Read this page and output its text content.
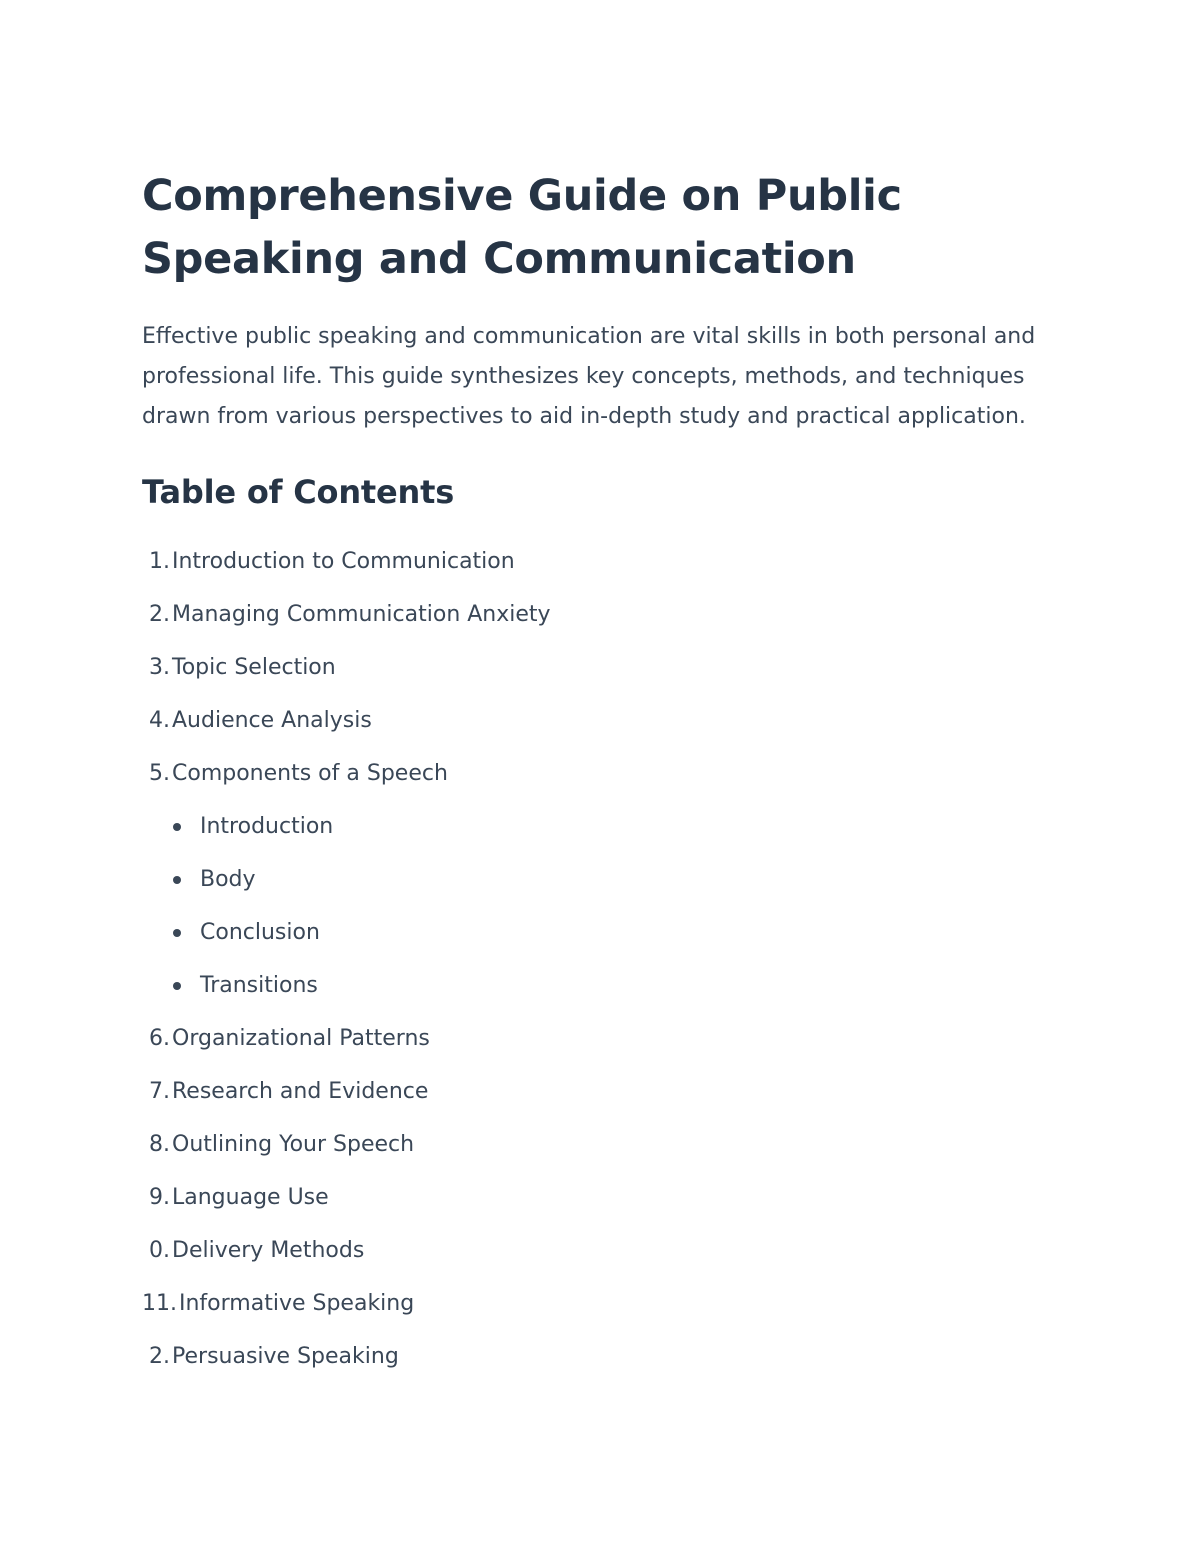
Comprehensive Guide on Public Speaking and Communication

Effective public speaking and communication are vital skills in both personal and professional life. This guide synthesizes key concepts, methods, and techniques drawn from various perspectives to aid in-depth study and practical application.

Table of Contents
1.Introduction to Communication
2.Managing Communication Anxiety
3.Topic Selection
4.Audience Analysis
5.Components of a Speech
Introduction
Body
Conclusion
Transitions
6.Organizational Patterns
7.Research and Evidence
8.Outlining Your Speech
9.Language Use
0.Delivery Methods
11.Informative Speaking
2.Persuasive Speaking
